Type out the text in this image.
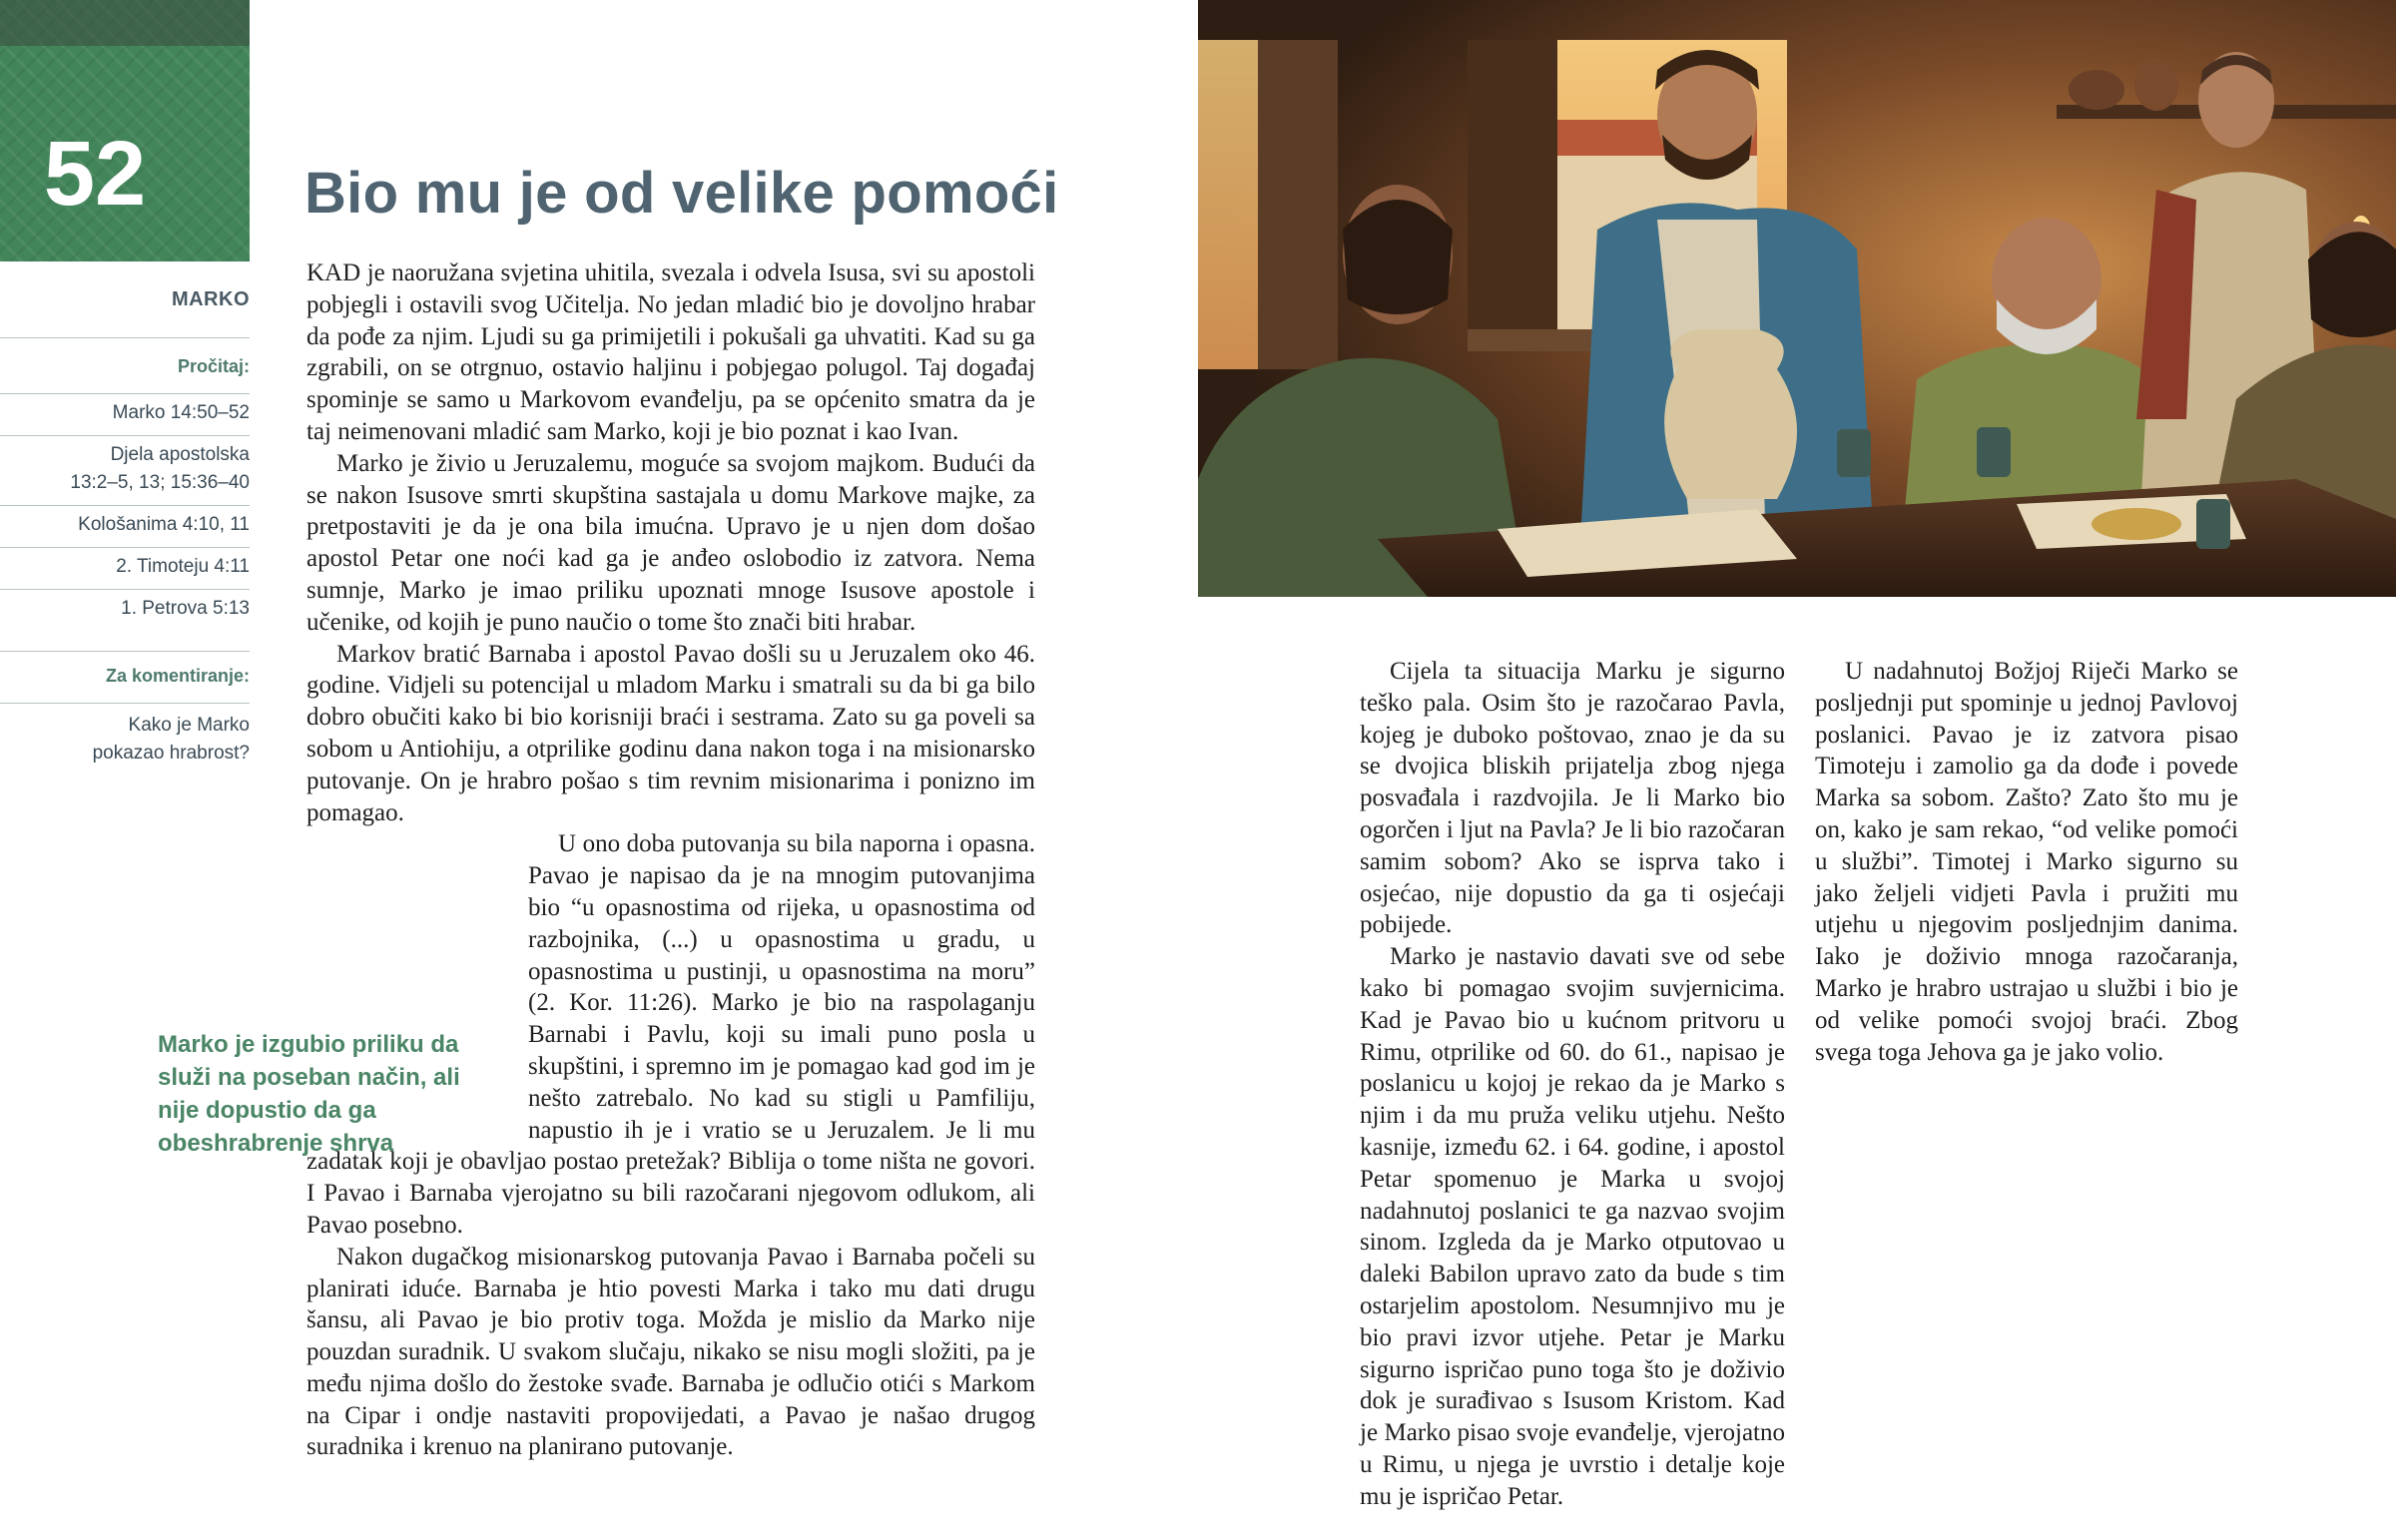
52
MARKO
Pročitaj:
Marko 14:50–52
Djela apostolska
13:2–5, 13; 15:36–40
Kološanima 4:10, 11
2. Timoteju 4:11
1. Petrova 5:13
Za komentiranje:
Kako je Marko
pokazao hrabrost?
Bio mu je od velike pomoći

KAD je naoružana svjetina uhitila, svezala i odvela Isusa, svi su apostoli pobjegli i ostavili svog Učitelja. No jedan mladić bio je dovoljno hrabar da pođe za njim. Ljudi su ga primijetili i pokušali ga uhvatiti. Kad su ga zgrabili, on se otrgnuo, ostavio haljinu i pobjegao polugol. Taj događaj spominje se samo u Markovom evanđelju, pa se općenito smatra da je taj neimenovani mladić sam Marko, koji je bio poznat i kao Ivan.

Marko je živio u Jeruzalemu, moguće sa svojom majkom. Budući da se nakon Isusove smrti skupština sastajala u domu Markove majke, za pretpostaviti je da je ona bila imućna. Upravo je u njen dom došao apostol Petar one noći kad ga je anđeo oslobodio iz zatvora. Nema sumnje, Marko je imao priliku upoznati mnoge Isusove apostole i učenike, od kojih je puno naučio o tome što znači biti hrabar.

Markov bratić Barnaba i apostol Pavao došli su u Jeruzalem oko 46. godine. Vidjeli su potencijal u mladom Marku i smatrali su da bi ga bilo dobro obučiti kako bi bio korisniji braći i sestrama. Zato su ga poveli sa sobom u Antiohiju, a otprilike godinu dana nakon toga i na misionarsko putovanje. On je hrabro pošao s tim revnim misionarima i ponizno im pomagao.

U ono doba putovanja su bila naporna i opasna. Pavao je napisao da je na mnogim putovanjima bio “u opasnostima od rijeka, u opasnostima od razbojnika, (...) u opasnostima u gradu, u opasnostima u pustinji, u opasnostima na moru” (2. Kor. 11:26). Marko je bio na raspolaganju Barnabi i Pavlu, koji su imali puno posla u skupštini, i spremno im je pomagao kad god im je nešto zatrebalo. No kad su stigli u Pamfiliju, napustio ih je i vratio se u Jeruzalem. Je li mu zadatak koji je obavljao postao pretežak? Biblija o tome ništa ne govori. I Pavao i Barnaba vjerojatno su bili razočarani njegovom odlukom, ali Pavao posebno.

Nakon dugačkog misionarskog putovanja Pavao i Barnaba počeli su planirati iduće. Barnaba je htio povesti Marka i tako mu dati drugu šansu, ali Pavao je bio protiv toga. Možda je mislio da Marko nije pouzdan suradnik. U svakom slučaju, nikako se nisu mogli složiti, pa je među njima došlo do žestoke svađe. Barnaba je odlučio otići s Markom na Cipar i ondje nastaviti propovijedati, a Pavao je našao drugog suradnika i krenuo na planirano putovanje.

Marko je izgubio priliku da služi na poseban način, ali nije dopustio da ga obeshrabrenje shrva

Cijela ta situacija Marku je sigurno teško pala. Osim što je razočarao Pavla, kojeg je duboko poštovao, znao je da su se dvojica bliskih prijatelja zbog njega posvađala i razdvojila. Je li Marko bio ogorčen i ljut na Pavla? Je li bio razočaran samim sobom? Ako se isprva tako i osjećao, nije dopustio da ga ti osjećaji pobijede.

Marko je nastavio davati sve od sebe kako bi pomagao svojim suvjernicima. Kad je Pavao bio u kućnom pritvoru u Rimu, otprilike od 60. do 61., napisao je poslanicu u kojoj je rekao da je Marko s njim i da mu pruža veliku utjehu. Nešto kasnije, između 62. i 64. godine, i apostol Petar spomenuo je Marka u svojoj nadahnutoj poslanici te ga nazvao svojim sinom. Izgleda da je Marko otputovao u daleki Babilon upravo zato da bude s tim ostarjelim apostolom. Nesumnjivo mu je bio pravi izvor utjehe. Petar je Marku sigurno ispričao puno toga što je doživio dok je surađivao s Isusom Kristom. Kad je Marko pisao svoje evanđelje, vjerojatno u Rimu, u njega je uvrstio i detalje koje mu je ispričao Petar.

U nadahnutoj Božjoj Riječi Marko se posljednji put spominje u jednoj Pavlovoj poslanici. Pavao je iz zatvora pisao Timoteju i zamolio ga da dođe i povede Marka sa sobom. Zašto? Zato što mu je on, kako je sam rekao, “od velike pomoći u službi”. Timotej i Marko sigurno su jako željeli vidjeti Pavla i pružiti mu utjehu u njegovim posljednjim danima. Iako je doživio mnoga razočaranja, Marko je hrabro ustrajao u službi i bio je od velike pomoći svojoj braći. Zbog svega toga Jehova ga je jako volio.
